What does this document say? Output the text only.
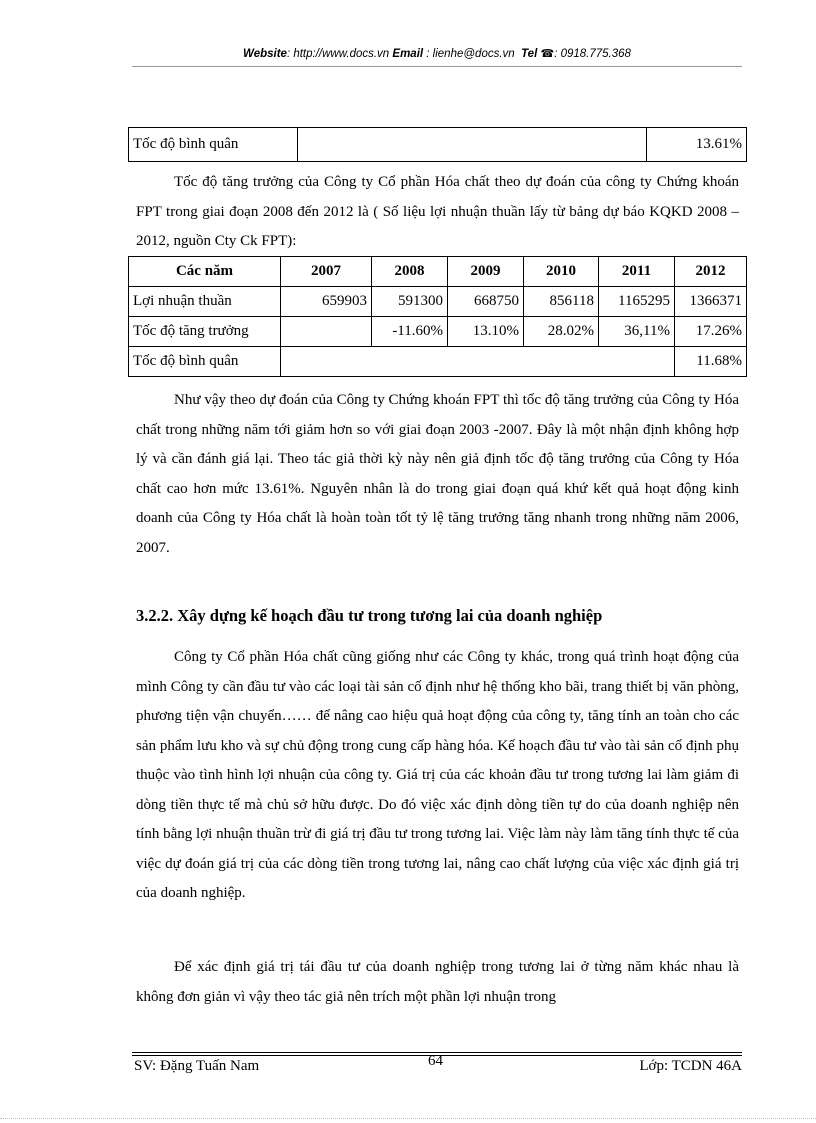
Website: http://www.docs.vn Email : lienhe@docs.vn Tel ☎: 0918.775.368
Tốc độ bình quân		13.61%

Tốc độ tăng trưởng của Công ty Cổ phần Hóa chất theo dự đoán của công ty Chứng khoán FPT trong giai đoạn 2008 đến 2012 là ( Số liệu lợi nhuận thuần lấy từ bảng dự báo KQKD 2008 – 2012, nguồn Cty Ck FPT):

Các năm	2007	2008	2009	2010	2011	2012
Lợi nhuận thuần	659903	591300	668750	856118	1165295	1366371
Tốc độ tăng trưởng		-11.60%	13.10%	28.02%	36,11%	17.26%
Tốc độ bình quân						11.68%

Như vậy theo dự đoán của Công ty Chứng khoán FPT thì tốc độ tăng trưởng của Công ty Hóa chất trong những năm tới giảm hơn so với giai đoạn 2003 -2007. Đây là một nhận định không hợp lý và cần đánh giá lại. Theo tác giả thời kỳ này nên giả định tốc độ tăng trưởng của Công ty Hóa chất cao hơn mức 13.61%. Nguyên nhân là do trong giai đoạn quá khứ kết quả hoạt động kinh doanh của Công ty Hóa chất là hoàn toàn tốt tỷ lệ tăng trưởng tăng nhanh trong những năm 2006, 2007.

3.2.2. Xây dựng kế hoạch đầu tư trong tương lai của doanh nghiệp

Công ty Cổ phần Hóa chất cũng giống như các Công ty khác, trong quá trình hoạt động của mình Công ty cần đầu tư vào các loại tài sản cố định như hệ thống kho bãi, trang thiết bị văn phòng, phương tiện vận chuyển…… để nâng cao hiệu quả hoạt động của công ty, tăng tính an toàn cho các sản phẩm lưu kho và sự chủ động trong cung cấp hàng hóa. Kế hoạch đầu tư vào tài sản cố định phụ thuộc vào tình hình lợi nhuận của công ty. Giá trị của các khoản đầu tư trong tương lai làm giảm đi dòng tiền thực tế mà chủ sở hữu được. Do đó việc xác định dòng tiền tự do của doanh nghiệp nên tính bằng lợi nhuận thuần trừ đi giá trị đầu tư trong tương lai. Việc làm này làm tăng tính thực tế của việc dự đoán giá trị của các dòng tiền trong tương lai, nâng cao chất lượng của việc xác định giá trị của doanh nghiệp.

Để xác định giá trị tái đầu tư của doanh nghiệp trong tương lai ở từng năm khác nhau là không đơn giản vì vậy theo tác giả nên trích một phần lợi nhuận trong

SV: Đặng Tuấn Nam	64	Lớp: TCDN 46A
